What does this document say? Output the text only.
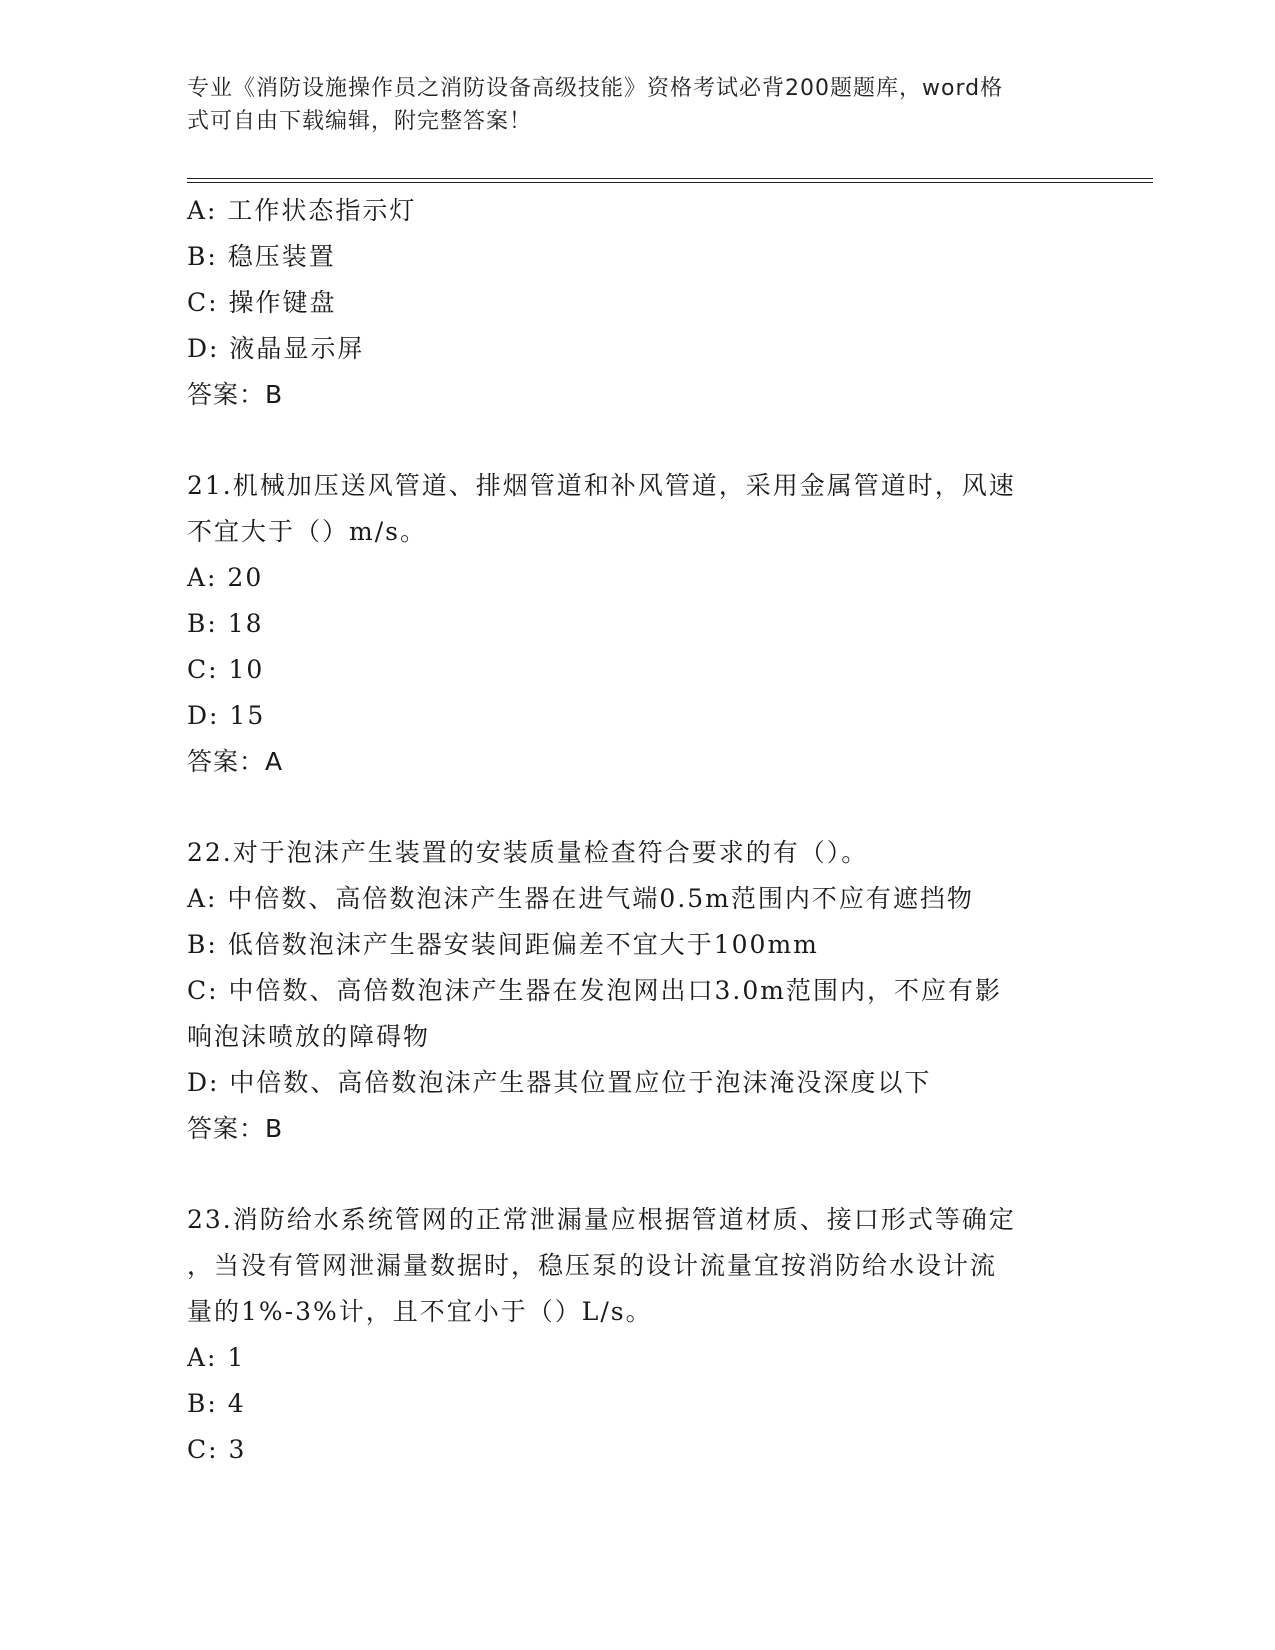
专业《消防设施操作员之消防设备高级技能》资格考试必背200题题库，word格
式可自由下载编辑，附完整答案！
A: 工作状态指示灯
B: 稳压装置
C: 操作键盘
D: 液晶显示屏
答案：B
21.机械加压送风管道、排烟管道和补风管道，采用金属管道时，风速
不宜大于（）m/s。
A: 20
B: 18
C: 10
D: 15
答案：A
22.对于泡沫产生装置的安装质量检查符合要求的有（）。
A: 中倍数、高倍数泡沫产生器在进气端0.5m范围内不应有遮挡物
B: 低倍数泡沫产生器安装间距偏差不宜大于100mm
C: 中倍数、高倍数泡沫产生器在发泡网出口3.0m范围内，不应有影
响泡沫喷放的障碍物
D: 中倍数、高倍数泡沫产生器其位置应位于泡沫淹没深度以下
答案：B
23.消防给水系统管网的正常泄漏量应根据管道材质、接口形式等确定
，当没有管网泄漏量数据时，稳压泵的设计流量宜按消防给水设计流
量的1%-3%计，且不宜小于（）L/s。
A: 1
B: 4
C: 3
